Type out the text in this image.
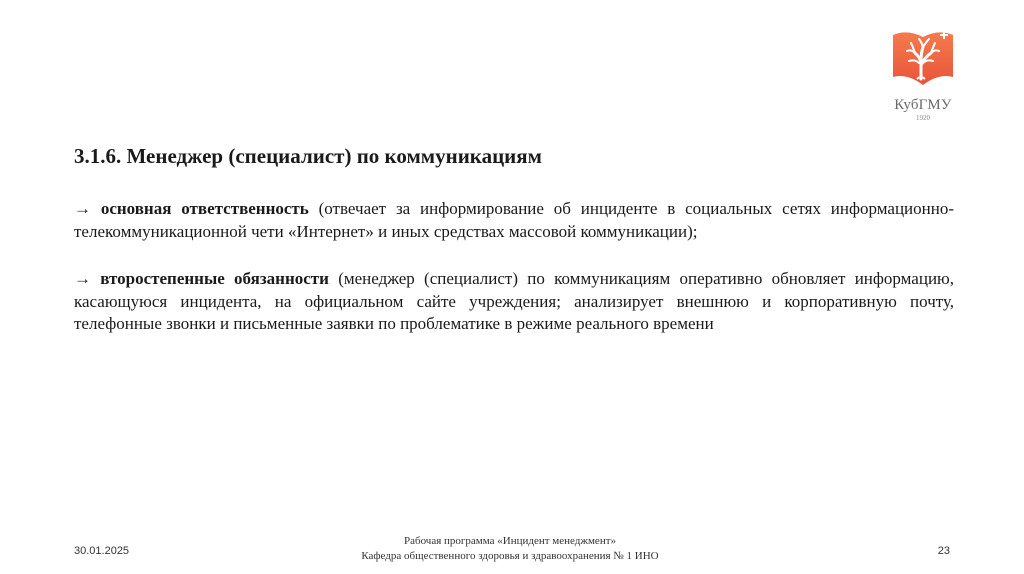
КубГМУ
1920
3.1.6. Менеджер (специалист) по коммуникациям
→ основная ответственность (отвечает за информирование об инциденте в социальных сетях информационно-телекоммуникационной чети «Интернет» и иных средствах массовой коммуникации);
→ второстепенные обязанности (менеджер (специалист) по коммуникациям оперативно обновляет информацию, касающуюся инцидента, на официальном сайте учреждения; анализирует внешнюю и корпоративную почту, телефонные звонки и письменные заявки по проблематике в режиме реального времени
30.01.2025
Рабочая программа «Инцидент менеджмент»
Кафедра общественного здоровья и здравоохранения № 1 ИНО	23
